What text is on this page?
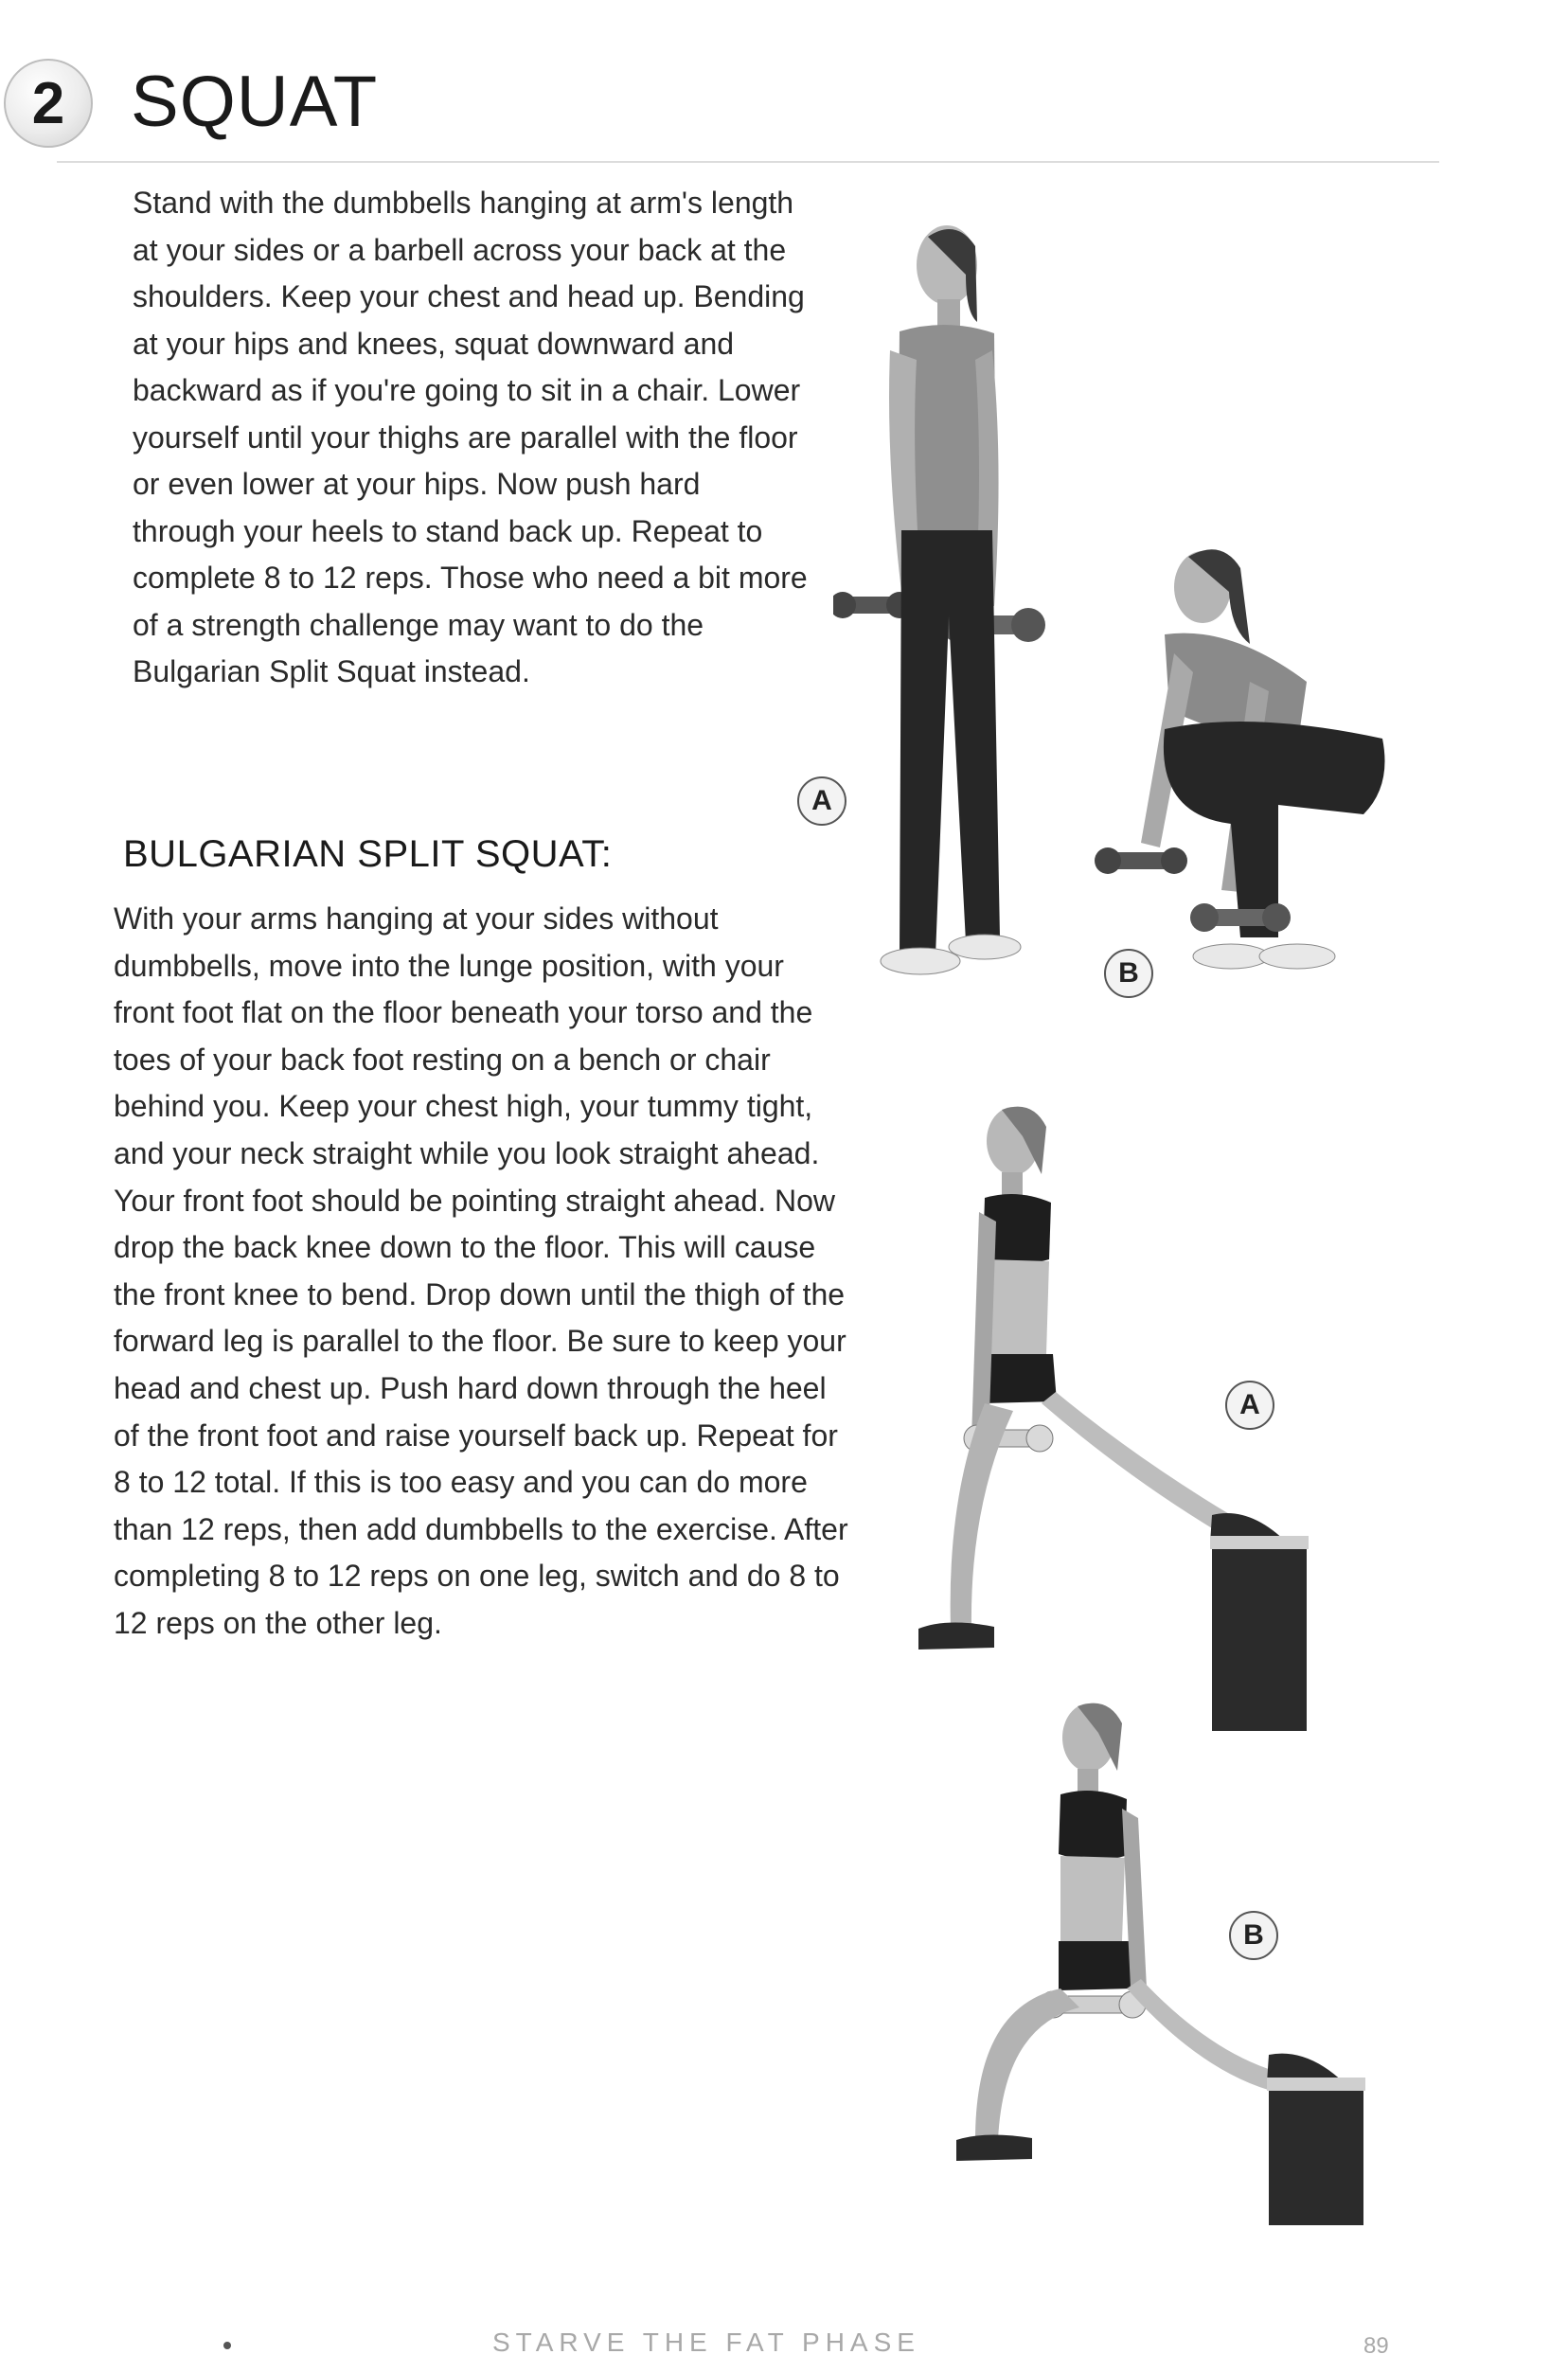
2 SQUAT

Stand with the dumbbells hanging at arm's length at your sides or a barbell across your back at the shoulders. Keep your chest and head up. Bending at your hips and knees, squat downward and backward as if you're going to sit in a chair. Lower yourself until your thighs are parallel with the floor or even lower at your hips. Now push hard through your heels to stand back up. Repeat to complete 8 to 12 reps. Those who need a bit more of a strength challenge may want to do the Bulgarian Split Squat instead.

BULGARIAN SPLIT SQUAT:

With your arms hanging at your sides without dumbbells, move into the lunge position, with your front foot flat on the floor beneath your torso and the toes of your back foot resting on a bench or chair behind you. Keep your chest high, your tummy tight, and your neck straight while you look straight ahead. Your front foot should be pointing straight ahead. Now drop the back knee down to the floor. This will cause the front knee to bend. Drop down until the thigh of the forward leg is parallel to the floor. Be sure to keep your head and chest up. Push hard down through the heel of the front foot and raise yourself back up. Repeat for 8 to 12 total. If this is too easy and you can do more than 12 reps, then add dumbbells to the exercise. After completing 8 to 12 reps on one leg, switch and do 8 to 12 reps on the other leg.

A
B
A
B
STARVE THE FAT PHASE	89
